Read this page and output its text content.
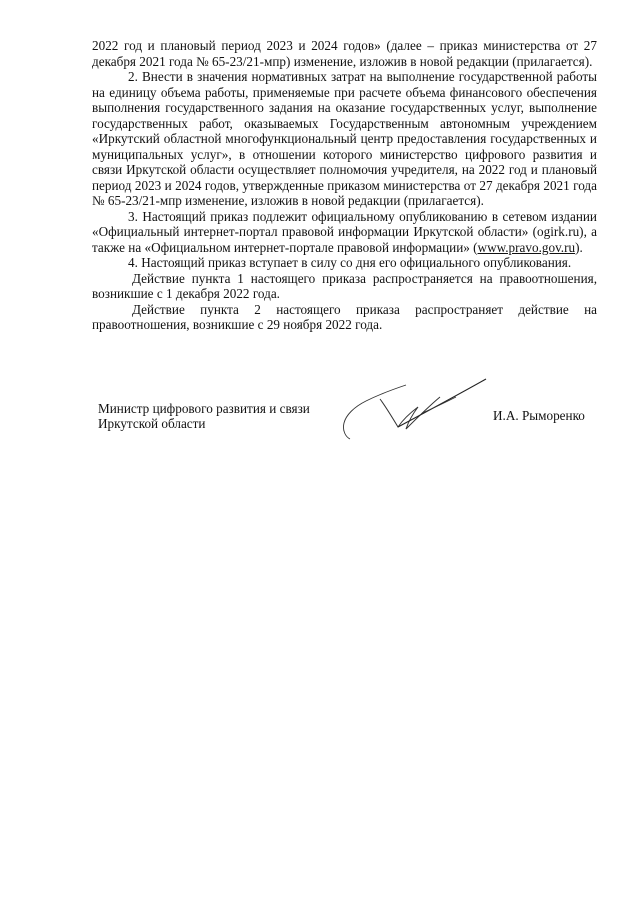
2022 год и плановый период 2023 и 2024 годов» (далее – приказ министерства от 27 декабря 2021 года № 65-23/21-мпр) изменение, изложив в новой редакции (прилагается).

2. Внести в значения нормативных затрат на выполнение государственной работы на единицу объема работы, применяемые при расчете объема финансового обеспечения выполнения государственного задания на оказание государственных услуг, выполнение государственных работ, оказываемых Государственным автономным учреждением «Иркутский областной многофункциональный центр предоставления государственных и муниципальных услуг», в отношении которого министерство цифрового развития и связи Иркутской области осуществляет полномочия учредителя, на 2022 год и плановый период 2023 и 2024 годов, утвержденные приказом министерства от 27 декабря 2021 года № 65-23/21-мпр изменение, изложив в новой редакции (прилагается).

3. Настоящий приказ подлежит официальному опубликованию в сетевом издании «Официальный интернет-портал правовой информации Иркутской области» (ogirk.ru), а также на «Официальном интернет-портале правовой информации» (www.pravo.gov.ru).

4. Настоящий приказ вступает в силу со дня его официального опубликования.

Действие пункта 1 настоящего приказа распространяется на правоотношения, возникшие с 1 декабря 2022 года.

Действие пункта 2 настоящего приказа распространяет действие на правоотношения, возникшие с 29 ноября 2022 года.

Министр цифрового развития и связи
Иркутской области
И.А. Рыморенко
